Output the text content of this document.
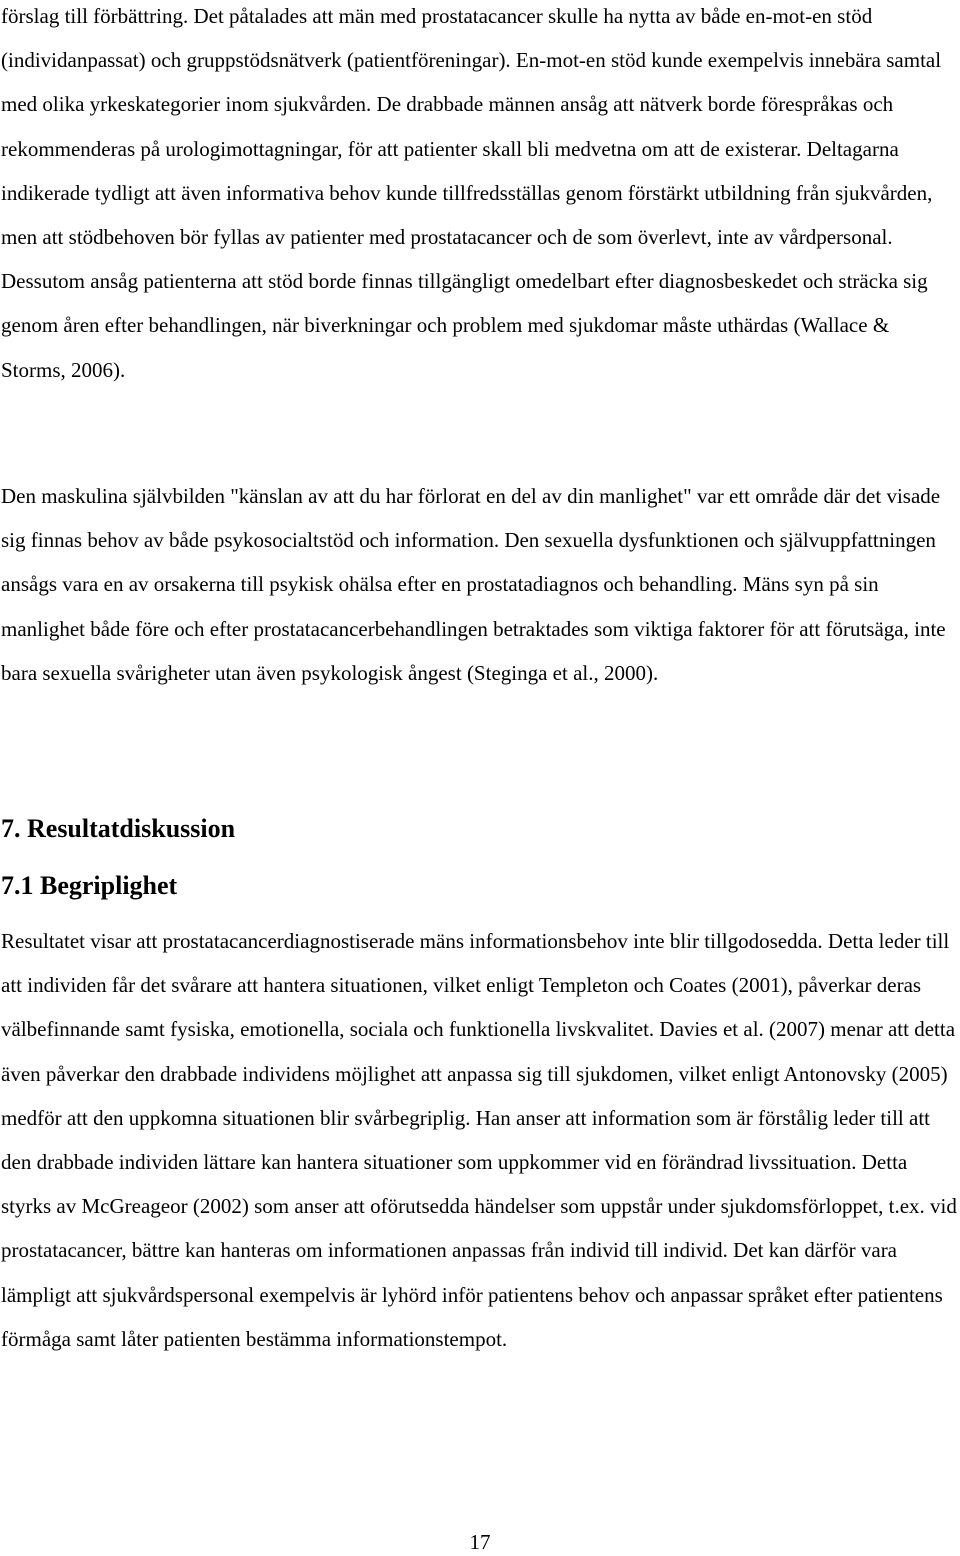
förslag till förbättring. Det påtalades att män med prostatacancer skulle ha nytta av både en-mot-en stöd (individanpassat) och gruppstödsnätverk (patientföreningar). En-mot-en stöd kunde exempelvis innebära samtal med olika yrkeskategorier inom sjukvården. De drabbade männen ansåg att nätverk borde förespråkas och rekommenderas på urologimottagningar, för att patienter skall bli medvetna om att de existerar. Deltagarna indikerade tydligt att även informativa behov kunde tillfredsställas genom förstärkt utbildning från sjukvården, men att stödbehoven bör fyllas av patienter med prostatacancer och de som överlevt, inte av vårdpersonal. Dessutom ansåg patienterna att stöd borde finnas tillgängligt omedelbart efter diagnosbeskedet och sträcka sig genom åren efter behandlingen, när biverkningar och problem med sjukdomar måste uthärdas (Wallace & Storms, 2006).

Den maskulina självbilden "känslan av att du har förlorat en del av din manlighet" var ett område där det visade sig finnas behov av både psykosocialtstöd och information. Den sexuella dysfunktionen och självuppfattningen ansågs vara en av orsakerna till psykisk ohälsa efter en prostatadiagnos och behandling. Mäns syn på sin manlighet både före och efter prostatacancerbehandlingen betraktades som viktiga faktorer för att förutsäga, inte bara sexuella svårigheter utan även psykologisk ångest (Steginga et al., 2000).

7. Resultatdiskussion
7.1 Begriplighet

Resultatet visar att prostatacancerdiagnostiserade mäns informationsbehov inte blir tillgodosedda. Detta leder till att individen får det svårare att hantera situationen, vilket enligt Templeton och Coates (2001), påverkar deras välbefinnande samt fysiska, emotionella, sociala och funktionella livskvalitet. Davies et al. (2007) menar att detta även påverkar den drabbade individens möjlighet att anpassa sig till sjukdomen, vilket enligt Antonovsky (2005) medför att den uppkomna situationen blir svårbegriplig. Han anser att information som är förstålig leder till att den drabbade individen lättare kan hantera situationer som uppkommer vid en förändrad livssituation. Detta styrks av McGreageor (2002) som anser att oförutsedda händelser som uppstår under sjukdomsförloppet, t.ex. vid prostatacancer, bättre kan hanteras om informationen anpassas från individ till individ. Det kan därför vara lämpligt att sjukvårdspersonal exempelvis är lyhörd inför patientens behov och anpassar språket efter patientens förmåga samt låter patienten bestämma informationstempot.

17
